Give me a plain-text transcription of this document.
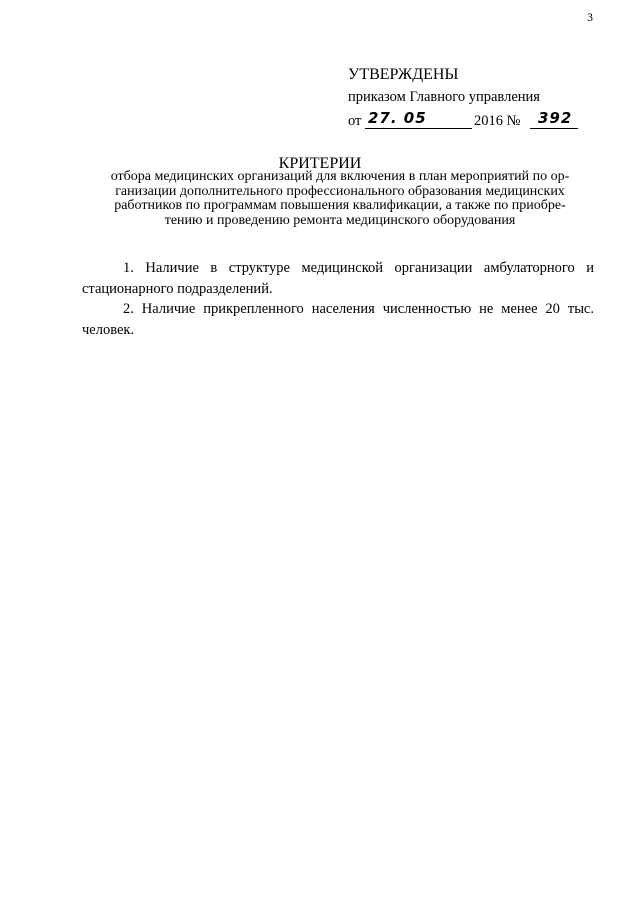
3
УТВЕРЖДЕНЫ
приказом Главного управления
от 27. 05	2016 № 392
КРИТЕРИИ
отбора медицинских организаций для включения в план мероприятий по ор-
ганизации дополнительного профессионального образования медицинских
работников по программам повышения квалификации, а также по приобре-
тению и проведению ремонта медицинского оборудования
1. Наличие в структуре медицинской организации амбулаторного и стационарного подразделений.
2. Наличие прикрепленного населения численностью не менее 20 тыс. человек.
